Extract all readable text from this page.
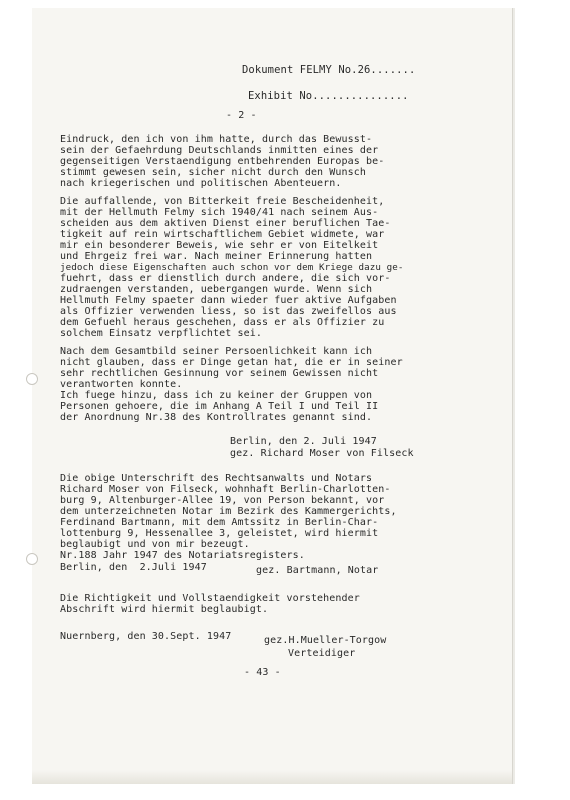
Dokument FELMY No.26.......
Exhibit No...............
- 2 -
Eindruck, den ich von ihm hatte, durch das Bewusst-
sein der Gefaehrdung Deutschlands inmitten eines der
gegenseitigen Verstaendigung entbehrenden Europas be-
stimmt gewesen sein, sicher nicht durch den Wunsch
nach kriegerischen und politischen Abenteuern.
Die auffallende, von Bitterkeit freie Bescheidenheit,
mit der Hellmuth Felmy sich 1940/41 nach seinem Aus-
scheiden aus dem aktiven Dienst einer beruflichen Tae-
tigkeit auf rein wirtschaftlichem Gebiet widmete, war
mir ein besonderer Beweis, wie sehr er von Eitelkeit
und Ehrgeiz frei war. Nach meiner Erinnerung hatten
jedoch diese Eigenschaften auch schon vor dem Kriege dazu ge-
fuehrt, dass er dienstlich durch andere, die sich vor-
zudraengen verstanden, uebergangen wurde. Wenn sich
Hellmuth Felmy spaeter dann wieder fuer aktive Aufgaben
als Offizier verwenden liess, so ist das zweifellos aus
dem Gefuehl heraus geschehen, dass er als Offizier zu
solchem Einsatz verpflichtet sei.
Nach dem Gesamtbild seiner Persoenlichkeit kann ich
nicht glauben, dass er Dinge getan hat, die er in seiner
sehr rechtlichen Gesinnung vor seinem Gewissen nicht
verantworten konnte.
Ich fuege hinzu, dass ich zu keiner der Gruppen von
Personen gehoere, die im Anhang A Teil I und Teil II
der Anordnung Nr.38 des Kontrollrates genannt sind.
Berlin, den 2. Juli 1947
gez. Richard Moser von Filseck
Die obige Unterschrift des Rechtsanwalts und Notars
Richard Moser von Filseck, wohnhaft Berlin-Charlotten-
burg 9, Altenburger-Allee 19, von Person bekannt, vor
dem unterzeichneten Notar im Bezirk des Kammergerichts,
Ferdinand Bartmann, mit dem Amtssitz in Berlin-Char-
lottenburg 9, Hessenallee 3, geleistet, wird hiermit
beglaubigt und von mir bezeugt.
Nr.188 Jahr 1947 des Notariatsregisters.
Berlin, den  2.Juli 1947	gez. Bartmann, Notar
Die Richtigkeit und Vollstaendigkeit vorstehender
Abschrift wird hiermit beglaubigt.
Nuernberg, den 30.Sept. 1947	gez.H.Mueller-Torgow
Verteidiger
- 43 -
